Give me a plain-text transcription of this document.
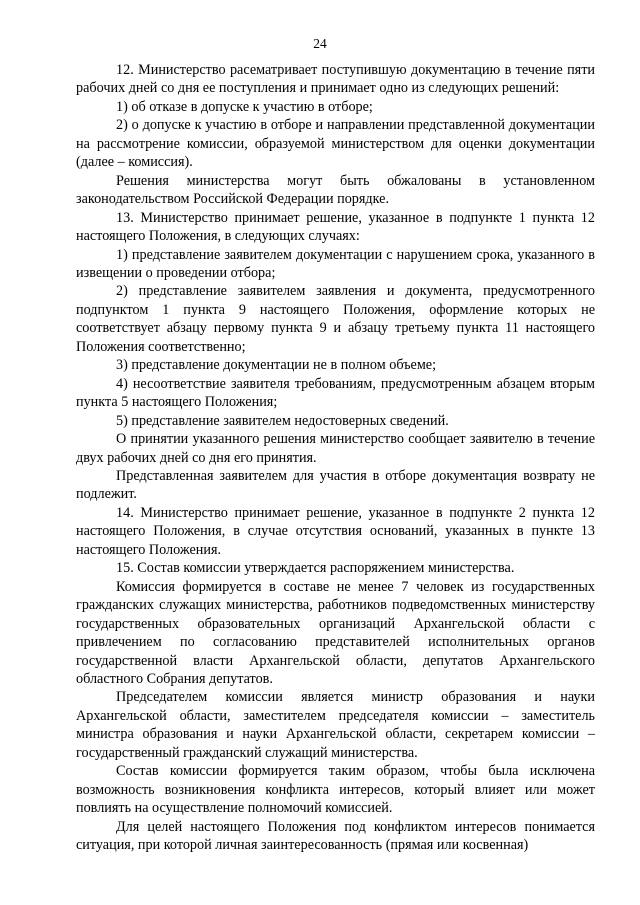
24

12. Министерство расематривает поступившую документацию в течение пяти рабочих дней со дня ее поступления и принимает одно из следующих решений:

1) об отказе в допуске к участию в отборе;

2) о допуске к участию в отборе и направлении представленной документации на рассмотрение комиссии, образуемой министерством для оценки документации (далее – комиссия).

Решения министерства могут быть обжалованы в установленном законодательством Российской Федерации порядке.

13. Министерство принимает решение, указанное в подпункте 1 пункта 12 настоящего Положения, в следующих случаях:

1) представление заявителем документации с нарушением срока, указанного в извещении о проведении отбора;

2) представление заявителем заявления и документа, предусмотренного подпунктом 1 пункта 9 настоящего Положения, оформление которых не соответствует абзацу первому пункта 9 и абзацу третьему пункта 11 настоящего Положения соответственно;

3) представление документации не в полном объеме;

4) несоответствие заявителя требованиям, предусмотренным абзацем вторым пункта 5 настоящего Положения;

5) представление заявителем недостоверных сведений.

О принятии указанного решения министерство сообщает заявителю в течение двух рабочих дней со дня его принятия.

Представленная заявителем для участия в отборе документация возврату не подлежит.

14. Министерство принимает решение, указанное в подпункте 2 пункта 12 настоящего Положения, в случае отсутствия оснований, указанных в пункте 13 настоящего Положения.

15. Состав комиссии утверждается распоряжением министерства.

Комиссия формируется в составе не менее 7 человек из государственных гражданских служащих министерства, работников подведомственных министерству государственных образовательных организаций Архангельской области с привлечением по согласованию представителей исполнительных органов государственной власти Архангельской области, депутатов Архангельского областного Собрания депутатов.

Председателем комиссии является министр образования и науки Архангельской области, заместителем председателя комиссии – заместитель министра образования и науки Архангельской области, секретарем комиссии – государственный гражданский служащий министерства.

Состав комиссии формируется таким образом, чтобы была исключена возможность возникновения конфликта интересов, который влияет или может повлиять на осуществление полномочий комиссией.

Для целей настоящего Положения под конфликтом интересов понимается ситуация, при которой личная заинтересованность (прямая или косвенная)
